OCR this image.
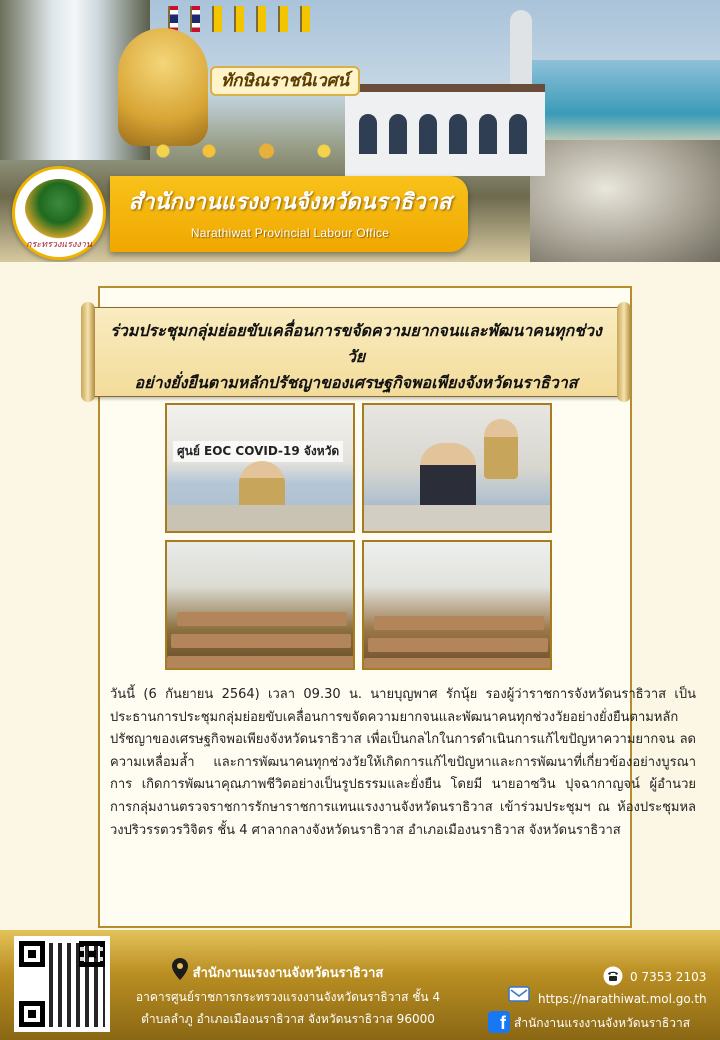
ทักษิณราชนิเวศน์
สำนักงานแรงงานจังหวัดนราธิวาส
Narathiwat Provincial Labour Office
กระทรวงแรงงาน
ร่วมประชุมกลุ่มย่อยขับเคลื่อนการขจัดความยากจนและพัฒนาคนทุกช่วงวัย
อย่างยั่งยืนตามหลักปรัชญาของเศรษฐกิจพอเพียงจังหวัดนราธิวาส
ศูนย์ EOC COVID-19 จังหวัด

วันนี้ (6 กันยายน 2564) เวลา 09.30 น. นายบุญพาศ รักนุ้ย รองผู้ว่าราชการจังหวัดนราธิวาส เป็นประธานการประชุมกลุ่มย่อยขับเคลื่อนการขจัดความยากจนและพัฒนาคนทุกช่วงวัยอย่างยั่งยืนตามหลักปรัชญาของเศรษฐกิจพอเพียงจังหวัดนราธิวาส เพื่อเป็นกลไกในการดำเนินการแก้ไขปัญหาความยากจน ลดความเหลื่อมล้ำ และการพัฒนาคนทุกช่วงวัยให้เกิดการแก้ไขปัญหาและการพัฒนาที่เกี่ยวข้องอย่างบูรณาการ เกิดการพัฒนาคุณภาพชีวิตอย่างเป็นรูปธรรมและยั่งยืน โดยมี นายอาซวิน ปุจฉากาญจน์ ผู้อำนวยการกลุ่มงานตรวจราชการรักษาราชการแทนแรงงานจังหวัดนราธิวาส เข้าร่วมประชุมฯ ณ ห้องประชุมหลวงปริวรรตวรวิจิตร ชั้น 4 ศาลากลางจังหวัดนราธิวาส อำเภอเมืองนราธิวาส จังหวัดนราธิวาส

สำนักงานแรงงานจังหวัดนราธิวาส
อาคารศูนย์ราชการกระทรวงแรงงานจังหวัดนราธิวาส ชั้น 4
ตำบลลำภู อำเภอเมืองนราธิวาส จังหวัดนราธิวาส 96000
0 7353 2103
https://narathiwat.mol.go.th
สำนักงานแรงงานจังหวัดนราธิวาส
f
